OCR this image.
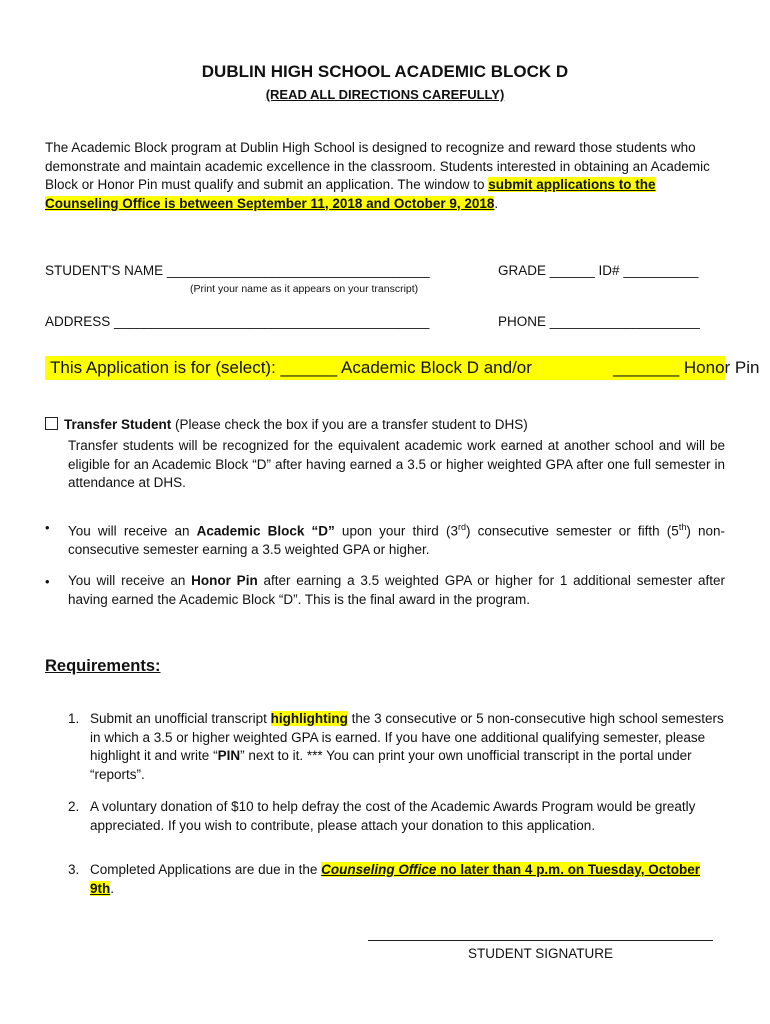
DUBLIN HIGH SCHOOL ACADEMIC BLOCK D
(READ ALL DIRECTIONS CAREFULLY)
The Academic Block program at Dublin High School is designed to recognize and reward those students who demonstrate and maintain academic excellence in the classroom. Students interested in obtaining an Academic Block or Honor Pin must qualify and submit an application. The window to submit applications to the Counseling Office is between September 11, 2018 and October 9, 2018.
STUDENT'S NAME ___________________________________
(Print your name as it appears on your transcript)
GRADE ______ ID# __________
ADDRESS __________________________________________	PHONE ____________________
This Application is for (select): ______ Academic Block D and/or	_______ Honor Pin
Transfer Student (Please check the box if you are a transfer student to DHS)
Transfer students will be recognized for the equivalent academic work earned at another school and will be eligible for an Academic Block “D” after having earned a 3.5 or higher weighted GPA after one full semester in attendance at DHS.
• You will receive an Academic Block “D” upon your third (3rd) consecutive semester or fifth (5th) non-consecutive semester earning a 3.5 weighted GPA or higher.
• You will receive an Honor Pin after earning a 3.5 weighted GPA or higher for 1 additional semester after having earned the Academic Block “D”. This is the final award in the program.
Requirements:
1. Submit an unofficial transcript highlighting the 3 consecutive or 5 non-consecutive high school semesters in which a 3.5 or higher weighted GPA is earned. If you have one additional qualifying semester, please highlight it and write “PIN” next to it. *** You can print your own unofficial transcript in the portal under “reports”.
2. A voluntary donation of $10 to help defray the cost of the Academic Awards Program would be greatly appreciated. If you wish to contribute, please attach your donation to this application.
3. Completed Applications are due in the Counseling Office no later than 4 p.m. on Tuesday, October 9th.
STUDENT SIGNATURE
